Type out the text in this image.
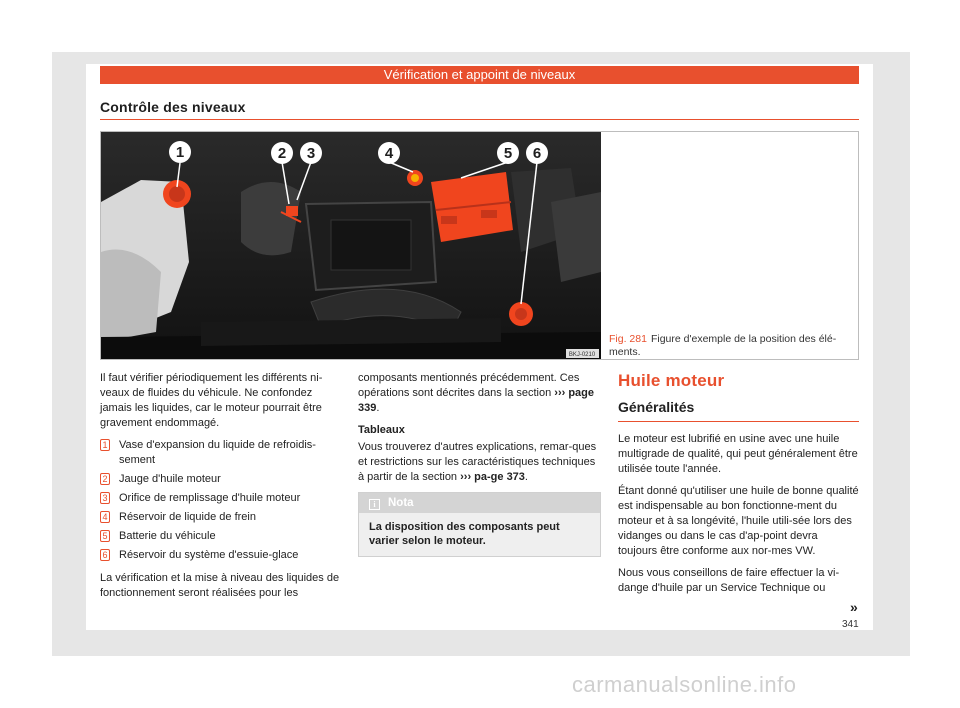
Vérification et appoint de niveaux
Contrôle des niveaux
1	2 3	4	5 6
BKJ-0210
Fig. 281 Figure d'exemple de la position des élé-ments.

Il faut vérifier périodiquement les différents ni-veaux de fluides du véhicule. Ne confondez jamais les liquides, car le moteur pourrait être gravement endommagé.

1 Vase d'expansion du liquide de refroidis-sement
2 Jauge d'huile moteur
3 Orifice de remplissage d'huile moteur
4 Réservoir de liquide de frein
5 Batterie du véhicule
6 Réservoir du système d'essuie-glace

La vérification et la mise à niveau des liquides de fonctionnement seront réalisées pour les

composants mentionnés précédemment. Ces opérations sont décrites dans la section ››› page 339.

Tableaux

Vous trouverez d'autres explications, remar-ques et restrictions sur les caractéristiques techniques à partir de la section ››› pa-ge 373.

i Nota
La disposition des composants peut varier selon le moteur.
Huile moteur
Généralités

Le moteur est lubrifié en usine avec une huile multigrade de qualité, qui peut généralement être utilisée toute l'année.

Étant donné qu'utiliser une huile de bonne qualité est indispensable au bon fonctionne-ment du moteur et à sa longévité, l'huile utili-sée lors des vidanges ou dans le cas d'ap-point devra toujours être conforme aux nor-mes VW.

Nous vous conseillons de faire effectuer la vi-dange d'huile par un Service Technique ou

»
341
carmanualsonline.info
